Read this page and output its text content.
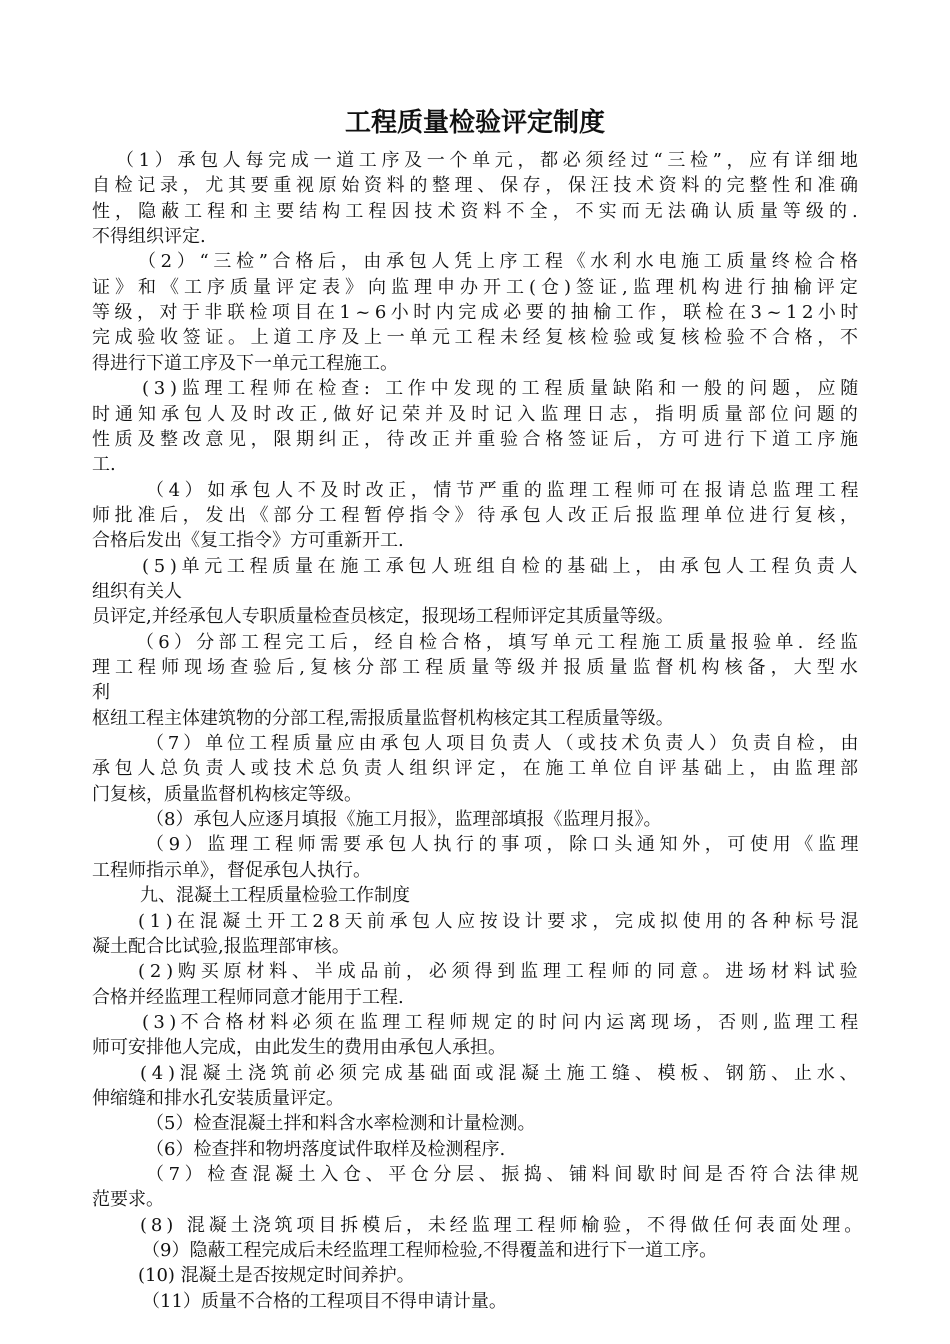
工程质量检验评定制度
（1）承包人每完成一道工序及一个单元，都必须经过“三检”，应有详细地
自检记录，尤其要重视原始资料的整理、保存，保汪技术资料的完整性和准确
性，隐蔽工程和主要结构工程因技术资料不全，不实而无法确认质量等级的.
不得组织评定.
（2）“三检”合格后，由承包人凭上序工程《水利水电施工质量终检合格
证》和《工序质量评定表》向监理申办开工(仓)签证,监理机构进行抽榆评定
等级，对于非联检项目在1~6小时内完成必要的抽榆工作，联检在3~12小时
完成验收签证。上道工序及上一单元工程未经复核检验或复核检验不合格，不
得进行下道工序及下一单元工程施工。
(3)监理工程师在检查: 工作中发现的工程质量缺陷和一般的问题，应随
时通知承包人及时改正,做好记荣并及时记入监理日志，指明质量部位问题的
性质及整改意见，限期纠正，待改正并重验合格签证后，方可进行下道工序施
工.
（4）如承包人不及时改正，情节严重的监理工程师可在报请总监理工程
师批准后，发出《部分工程暂停指令》待承包人改正后报监理单位进行复核，
合格后发出《复工指令》方可重新开工.
(5)单元工程质量在施工承包人班组自检的基础上，由承包人工程负责人
组织有关人
员评定,并经承包人专职质量检查员核定，报现场工程师评定其质量等级。
（6）分部工程完工后，经自检合格，填写单元工程施工质量报验单. 经监
理工程师现场查验后,复核分部工程质量等级并报质量监督机构核备，大型水
利
枢纽工程主体建筑物的分部工程,需报质量监督机构核定其工程质量等级。
（7）单位工程质量应由承包人项目负责人（或技术负责人）负责自检，由
承包人总负责人或技术总负责人组织评定，在施工单位自评基础上，由监理部
门复核，质量监督机构核定等级。
（8）承包人应逐月填报《施工月报》，监理部填报《监理月报》。
（9）监理工程师需要承包人执行的事项，除口头通知外，可使用《监理
工程师指示单》，督促承包人执行。
九、混凝土工程质量检验工作制度
(1)在混凝土开工28天前承包人应按设计要求，完成拟使用的各种标号混
凝土配合比试验,报监理部审核。
(2)购买原材料、半成品前，必须得到监理工程师的同意。进场材料试验
合格并经监理工程师同意才能用于工程.
(3)不合格材料必须在监理工程师规定的时问内运离现场，否则,监理工程
师可安排他人完成，由此发生的费用由承包人承担。
(4)混凝土浇筑前必须完成基础面或混凝土施工缝、模板、钢筋、止水、
伸缩缝和排水孔安装质量评定。
（5）检查混凝土拌和料含水率检测和计量检测。
（6）检查拌和物坍落度试件取样及检测程序.
（7）检查混凝土入仓、平仓分层、振捣、铺料间歇时间是否符合法律规
范要求。
(8) 混凝土浇筑项目拆模后，未经监理工程师榆验，不得做任何表面处理。
（9）隐蔽工程完成后未经监理工程师检验,不得覆盖和进行下一道工序。
(10) 混凝土是否按规定时间养护。
（11）质量不合格的工程项目不得申请计量。
